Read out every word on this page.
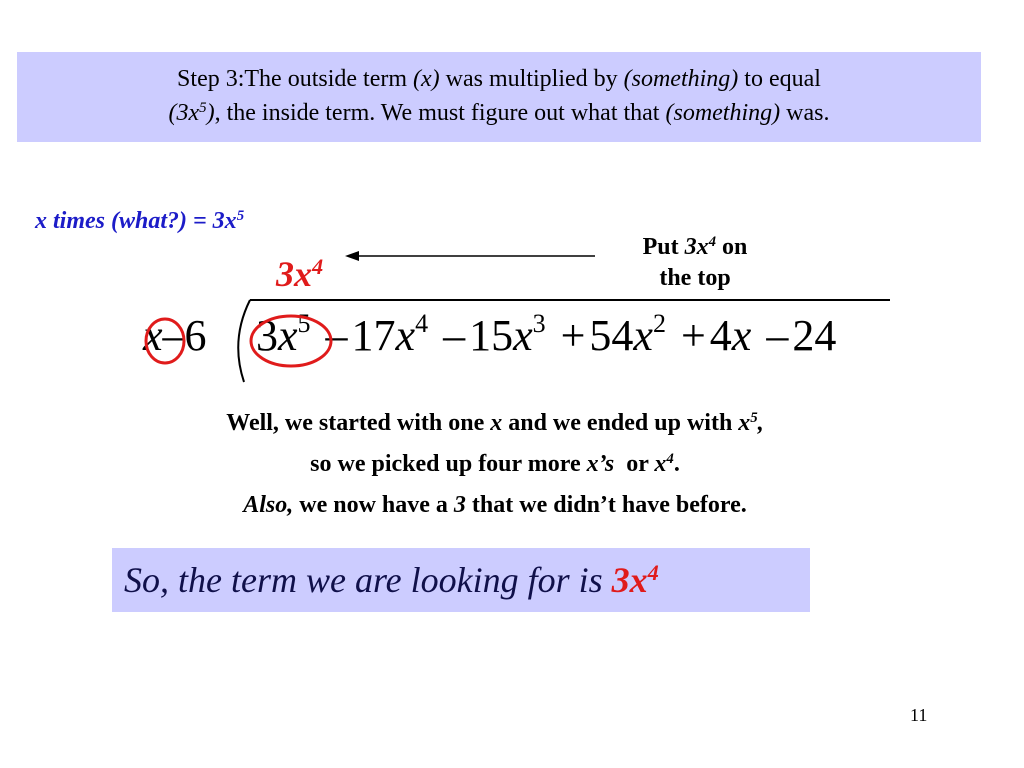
Step 3:The outside term (x) was multiplied by (something) to equal
$(3x^5)$, the inside term. We must figure out what that (something) was.
x times (what?) = $3x^5$
Put $3x^4$ on
the top
$3x^4$
x–6 $3x^5$ $-17x^4$ $-15x^3 +54x^2 +4x$ –24
Well, we started with one x and we ended up with $x^5$,
so we picked up four more x’s  or $x^4$.
Also, we now have a 3 that we didn’t have before.
So, the term we are looking for is $3x^4$
11
